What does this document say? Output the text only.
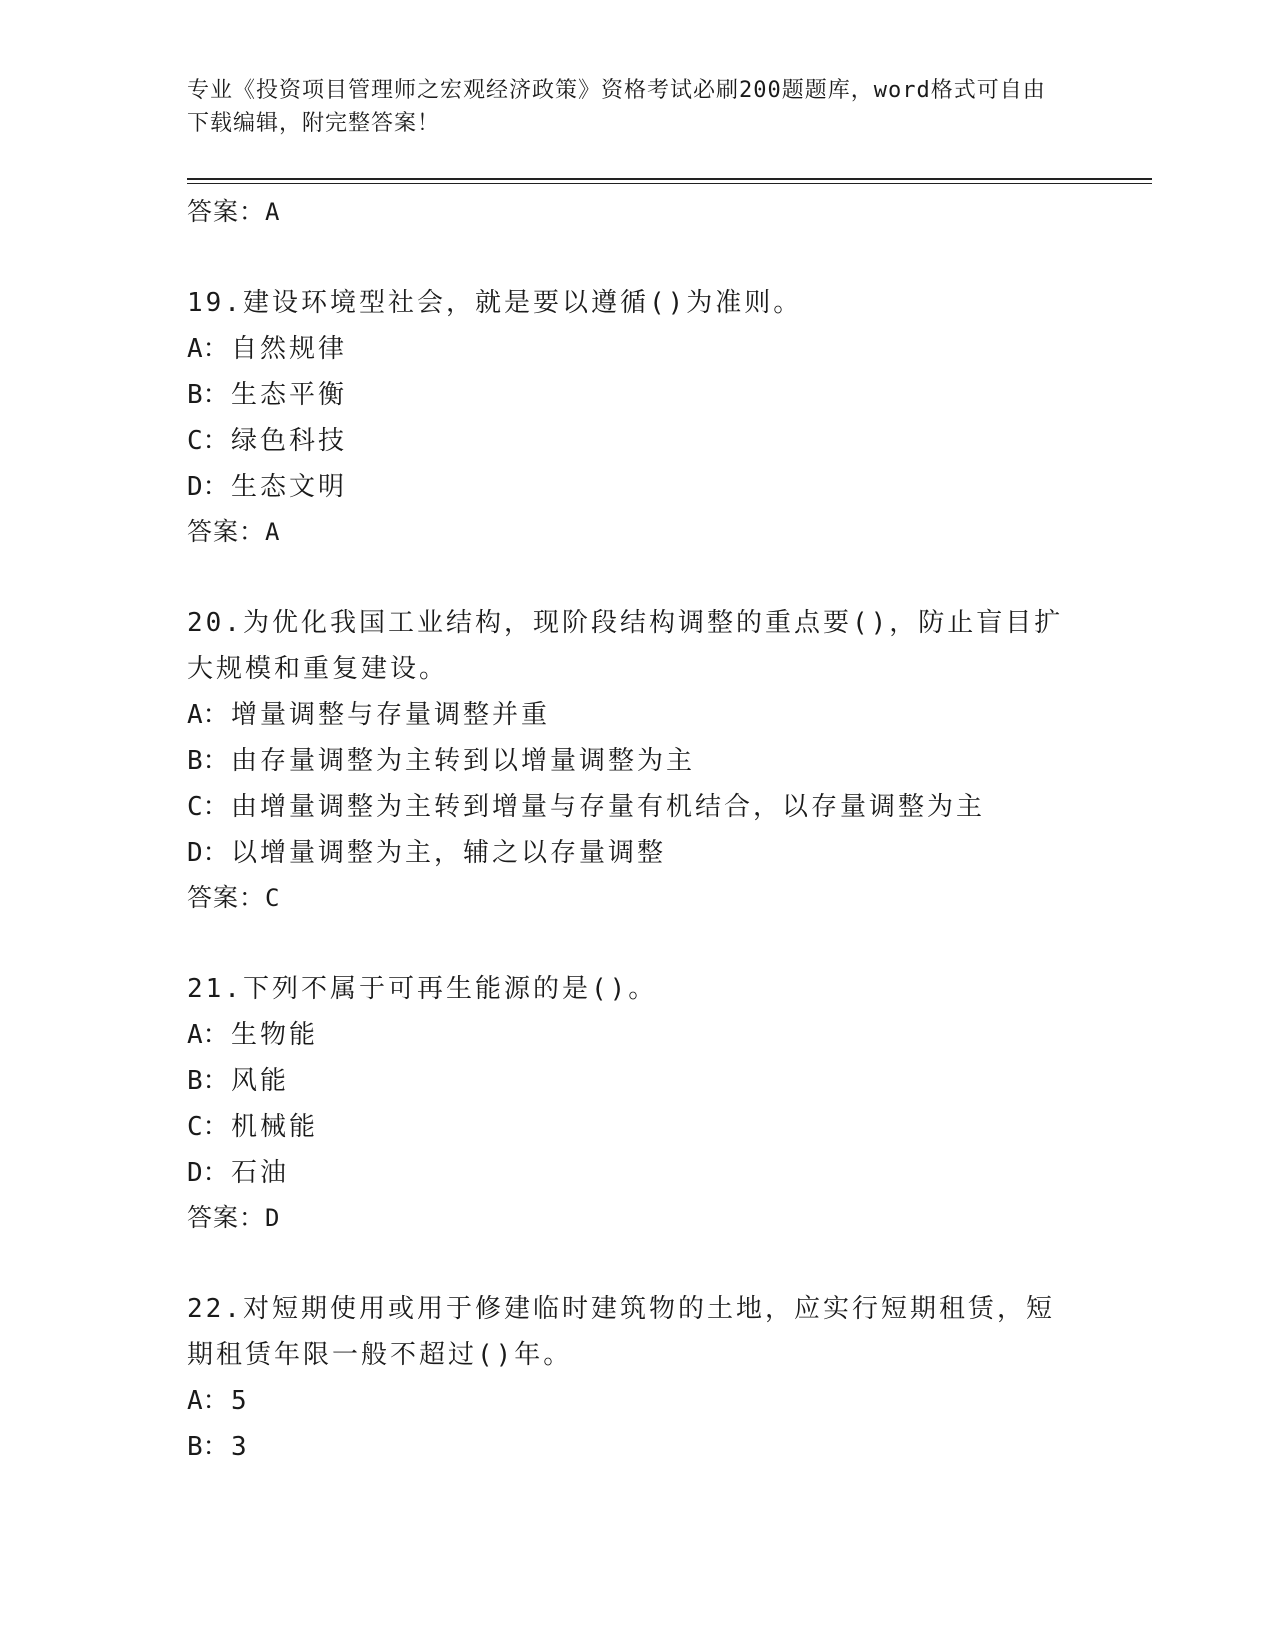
专业《投资项目管理师之宏观经济政策》资格考试必刷200题题库，word格式可自由下载编辑，附完整答案！
答案：A
19.建设环境型社会，就是要以遵循()为准则。
A：自然规律
B：生态平衡
C：绿色科技
D：生态文明
答案：A
20.为优化我国工业结构，现阶段结构调整的重点要()，防止盲目扩大规模和重复建设。
A：增量调整与存量调整并重
B：由存量调整为主转到以增量调整为主
C：由增量调整为主转到增量与存量有机结合，以存量调整为主
D：以增量调整为主，辅之以存量调整
答案：C
21.下列不属于可再生能源的是()。
A：生物能
B：风能
C：机械能
D：石油
答案：D
22.对短期使用或用于修建临时建筑物的土地，应实行短期租赁，短期租赁年限一般不超过()年。
A：5
B：3
